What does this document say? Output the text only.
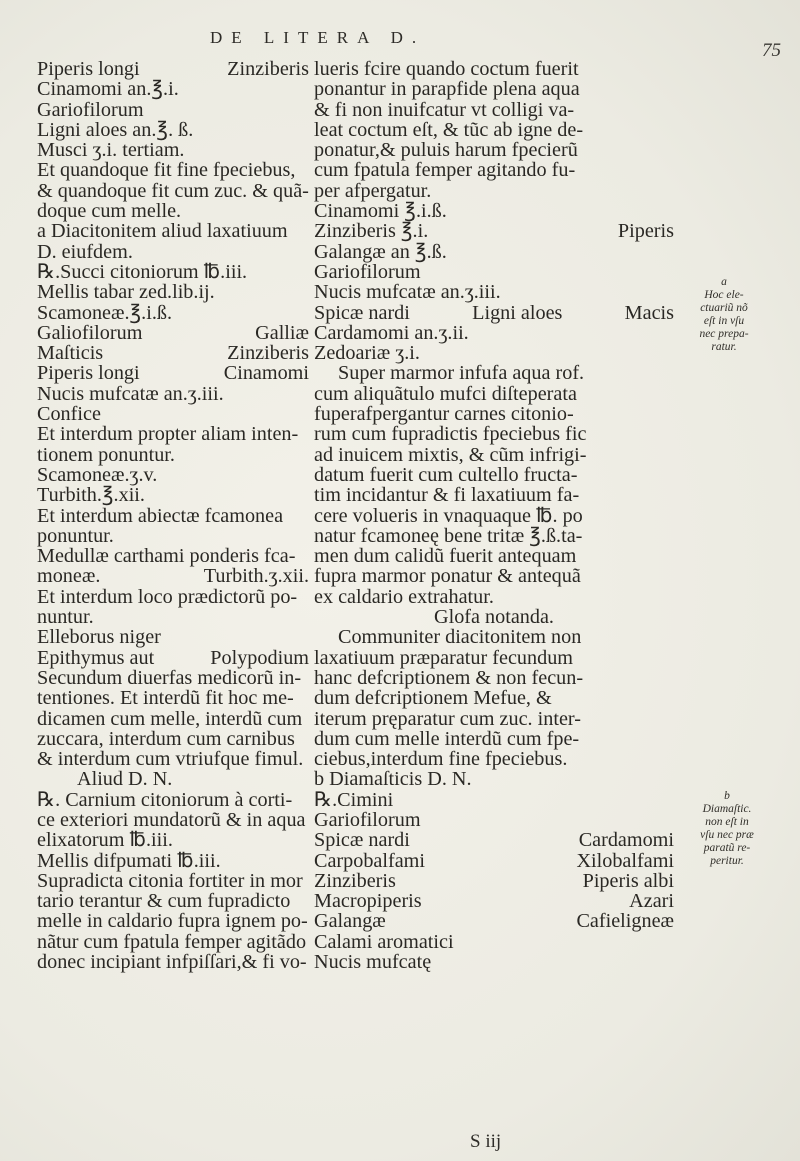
DE LITERA D.
75
Piperis longi	Zinziberis
Cinamomi an.℥.i.
Gariofilorum
Ligni aloes an.℥. ß.
Musci ʒ.i. tertiam.
Et quandoque fit fine fpeciebus,
& quandoque fit cum zuc. & quã-
doque cum melle.
a Diacitonitem aliud laxatiuum
D. eiufdem.
℞.Succi citoniorum ℔.iii.
Mellis tabar zed.lib.ij.
Scamoneæ.℥.i.ß.
Galiofilorum	Galliæ
Maſticis	Zinziberis
Piperis longi	Cinamomi
Nucis mufcatæ an.ʒ.iii.
Confice
Et interdum propter aliam inten-
tionem ponuntur.
Scamoneæ.ʒ.v.
Turbith.℥.xii.
Et interdum abiectæ fcamonea
ponuntur.
Medullæ carthami ponderis fca-
moneæ.	Turbith.ʒ.xii.
Et interdum loco prædictorũ po-
nuntur.
Elleborus niger
Epithymus aut	Polypodium
Secundum diuerfas medicorũ in-
tentiones. Et interdũ fit hoc me-
dicamen cum melle, interdũ cum
zuccara, interdum cum carnibus
& interdum cum vtriufque fimul.
Aliud D. N.
℞. Carnium citoniorum à corti-
ce exteriori mundatorũ & in aqua
elixatorum ℔.iii.
Mellis difpumati ℔.iii.
Supradicta citonia fortiter in mor
tario terantur & cum fupradicto
melle in caldario fupra ignem po-
nãtur cum fpatula femper agitãdo
donec incipiant infpiſſari,& fi vo-
lueris fcire quando coctum fuerit
ponantur in parapfide plena aqua
& fi non inuifcatur vt colligi va-
leat coctum eſt, & tũc ab igne de-
ponatur,& puluis harum fpecierũ
cum fpatula femper agitando fu-
per afpergatur.
Cinamomi ℥.i.ß.
Zinziberis ℥.i.	Piperis
Galangæ an ℥.ß.
Gariofilorum
Nucis mufcatæ an.ʒ.iii.
Spicæ nardi	Ligni aloes	Macis
Cardamomi an.ʒ.ii.
Zedoariæ ʒ.i.
Super marmor infufa aqua rof.
cum aliquãtulo mufci diſteperata
fuperafpergantur carnes citonio-
rum cum fupradictis fpeciebus fic
ad inuicem mixtis, & cũm infrigi-
datum fuerit cum cultello fructa-
tim incidantur & fi laxatiuum fa-
cere volueris in vnaquaque ℔. po
natur fcamoneę bene tritæ ℥.ß.ta-
men dum calidũ fuerit antequam
fupra marmor ponatur & antequã
ex caldario extrahatur.
Glofa notanda.
Communiter diacitonitem non
laxatiuum præparatur fecundum
hanc defcriptionem & non fecun-
dum defcriptionem Mefue, &
iterum pręparatur cum zuc. inter-
dum cum melle interdũ cum fpe-
ciebus,interdum fine fpeciebus.
b Diamaſticis D. N.
℞.Cimini
Gariofilorum
Spicæ nardi	Cardamomi
Carpobalfami	Xilobalfami
Zinziberis	Piperis albi
Macropiperis	Azari
Galangæ	Cafieligneæ
Calami aromatici
Nucis mufcatę
a
Hoc ele-
ctuariũ nõ
eſt in vſu
nec prepa-
ratur.
b
Diamaſtic.
non eſt in
vſu nec præ
paratũ re-
peritur.
S iij
